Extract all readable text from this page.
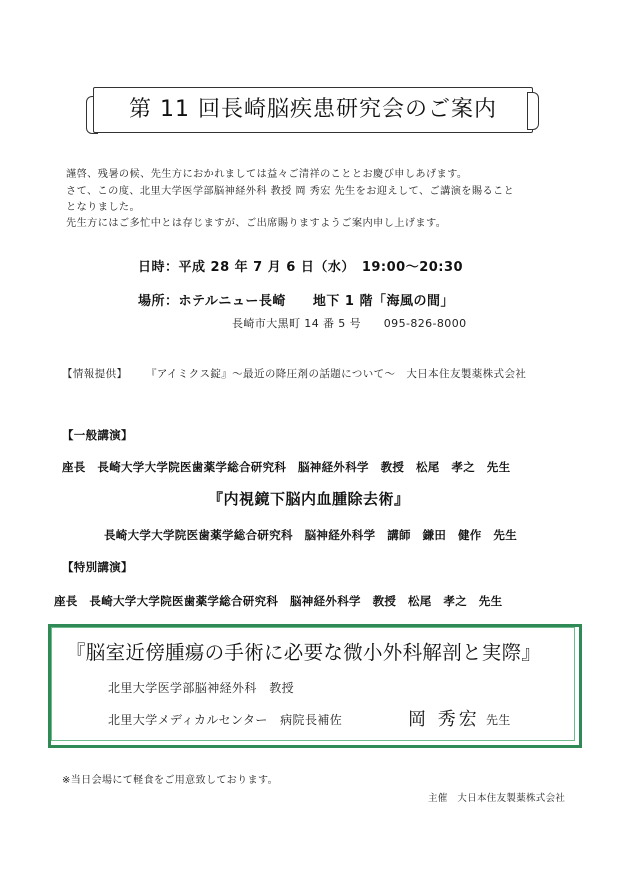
第 11 回長崎脳疾患研究会のご案内
謹啓、残暑の候、先生方におかれましては益々ご清祥のこととお慶び申しあげます。
さて、この度、北里大学医学部脳神経外科 教授 岡 秀宏 先生をお迎えして、ご講演を賜ること
となりました。
先生方にはご多忙中とは存じますが、ご出席賜りますようご案内申し上げます。
日時：平成 28 年 7 月 6 日（水）　19:00〜20:30
場所：ホテルニュー長崎　　地下 1 階「海風の間」
長崎市大黒町 14 番 5 号　　095-826-8000
【情報提供】 『アイミクス錠』〜最近の降圧剤の話題について〜　大日本住友製薬株式会社
【一般講演】
座長　長崎大学大学院医歯薬学総合研究科　脳神経外科学　教授　松尾　孝之　先生
『内視鏡下脳内血腫除去術』
長崎大学大学院医歯薬学総合研究科　脳神経外科学　講師　鎌田　健作　先生
【特別講演】
座長　長崎大学大学院医歯薬学総合研究科　脳神経外科学　教授　松尾　孝之　先生
『脳室近傍腫瘍の手術に必要な微小外科解剖と実際』
北里大学医学部脳神経外科　教授
北里大学メディカルセンター　病院長補佐	岡 秀宏 先生
※当日会場にて軽食をご用意致しております。
主催　大日本住友製薬株式会社
